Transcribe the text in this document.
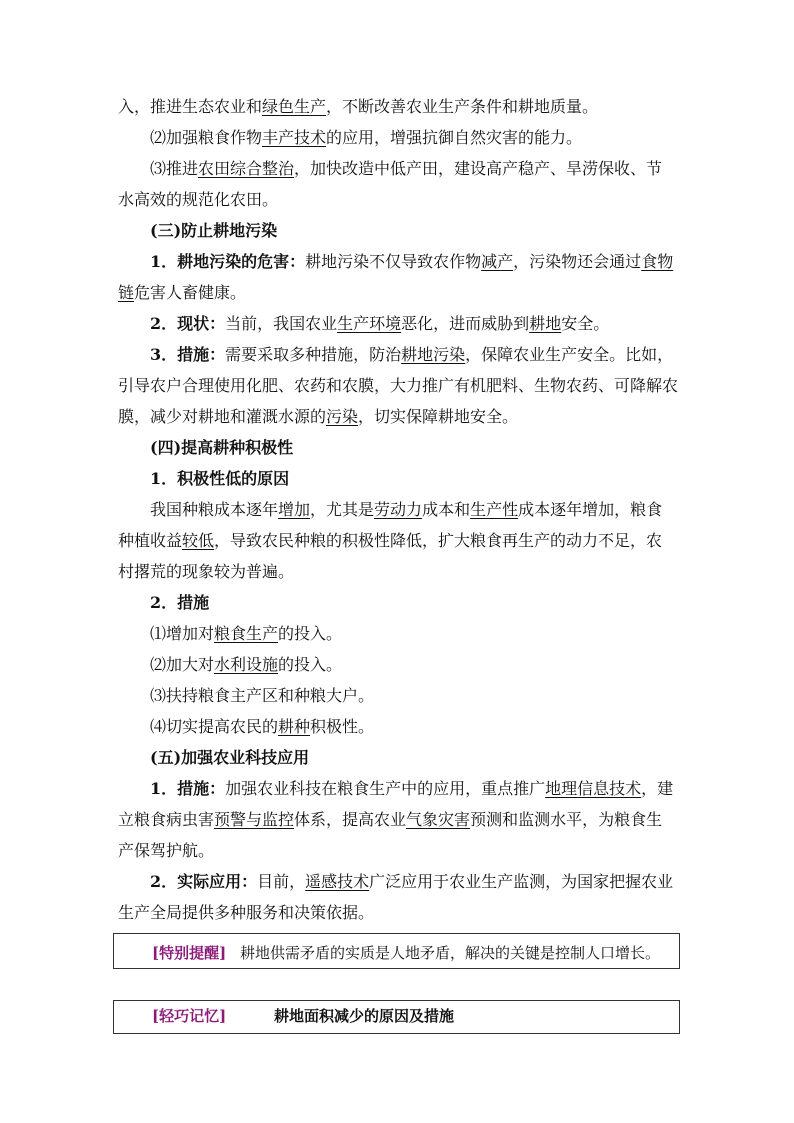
入，推进生态农业和绿色生产，不断改善农业生产条件和耕地质量。

⑵加强粮食作物丰产技术的应用，增强抗御自然灾害的能力。

⑶推进农田综合整治，加快改造中低产田，建设高产稳产、旱涝保收、节水高效的规范化农田。

(三)防止耕地污染

1．耕地污染的危害：耕地污染不仅导致农作物减产，污染物还会通过食物链危害人畜健康。

2．现状：当前，我国农业生产环境恶化，进而威胁到耕地安全。

3．措施：需要采取多种措施，防治耕地污染，保障农业生产安全。比如，引导农户合理使用化肥、农药和农膜，大力推广有机肥料、生物农药、可降解农膜，减少对耕地和灌溉水源的污染，切实保障耕地安全。

(四)提高耕种积极性

1．积极性低的原因

我国种粮成本逐年增加，尤其是劳动力成本和生产性成本逐年增加，粮食种植收益较低，导致农民种粮的积极性降低，扩大粮食再生产的动力不足，农村撂荒的现象较为普遍。

2．措施

⑴增加对粮食生产的投入。

⑵加大对水利设施的投入。

⑶扶持粮食主产区和种粮大户。

⑷切实提高农民的耕种积极性。

(五)加强农业科技应用

1．措施：加强农业科技在粮食生产中的应用，重点推广地理信息技术，建立粮食病虫害预警与监控体系，提高农业气象灾害预测和监测水平，为粮食生产保驾护航。

2．实际应用：目前，遥感技术广泛应用于农业生产监测，为国家把握农业生产全局提供多种服务和决策依据。

[特别提醒] 耕地供需矛盾的实质是人地矛盾，解决的关键是控制人口增长。
[轻巧记忆]	耕地面积减少的原因及措施
